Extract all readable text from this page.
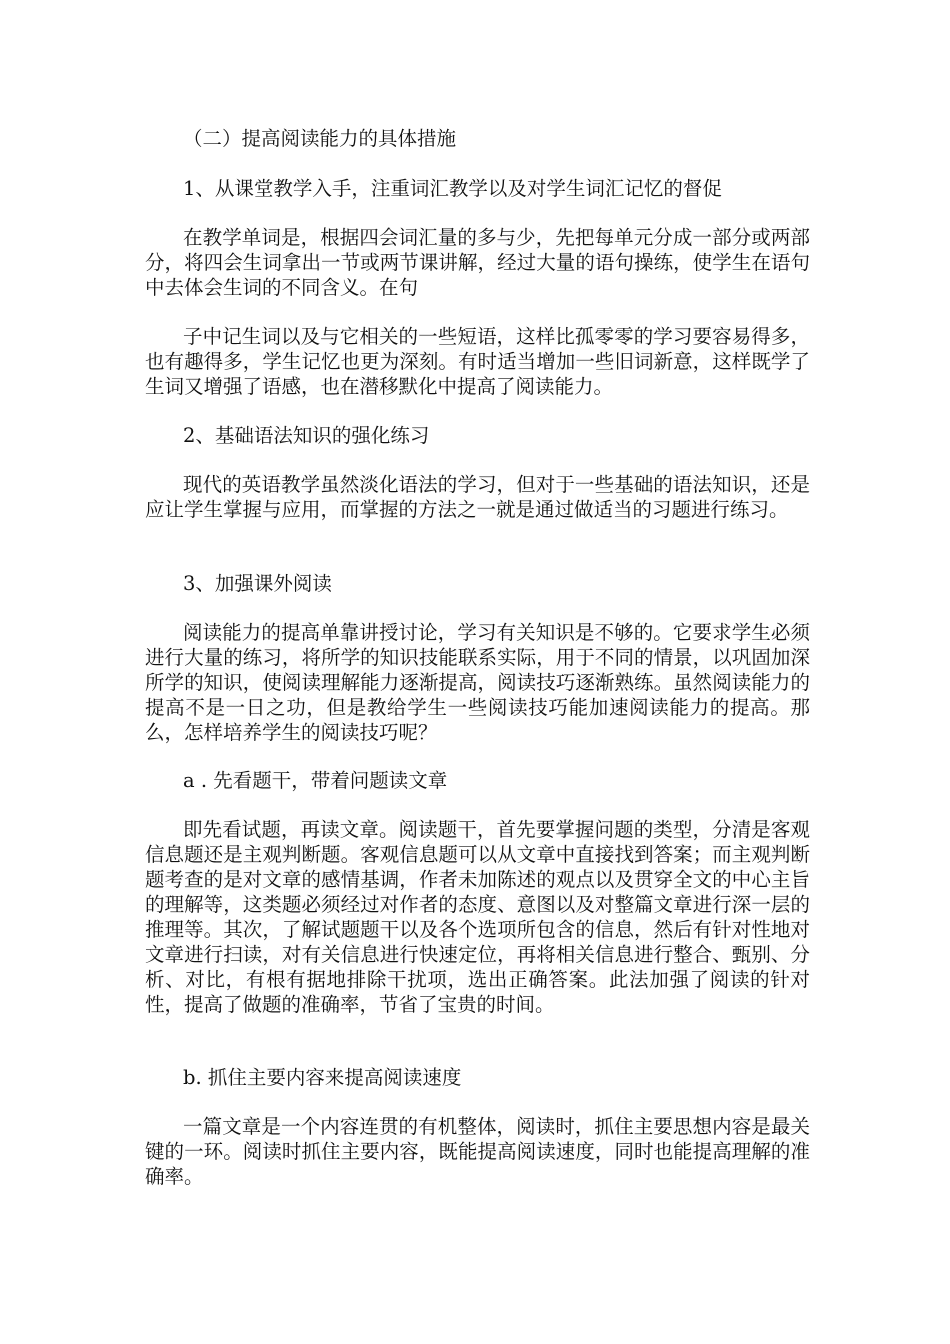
（二）提高阅读能力的具体措施

1、从课堂教学入手，注重词汇教学以及对学生词汇记忆的督促

在教学单词是，根据四会词汇量的多与少，先把每单元分成一部分或两部分，将四会生词拿出一节或两节课讲解，经过大量的语句操练，使学生在语句中去体会生词的不同含义。在句

子中记生词以及与它相关的一些短语，这样比孤零零的学习要容易得多，也有趣得多，学生记忆也更为深刻。有时适当增加一些旧词新意，这样既学了生词又增强了语感，也在潜移默化中提高了阅读能力。

2、基础语法知识的强化练习

现代的英语教学虽然淡化语法的学习，但对于一些基础的语法知识，还是应让学生掌握与应用，而掌握的方法之一就是通过做适当的习题进行练习。

3、加强课外阅读

阅读能力的提高单靠讲授讨论，学习有关知识是不够的。它要求学生必须进行大量的练习，将所学的知识技能联系实际，用于不同的情景，以巩固加深所学的知识，使阅读理解能力逐渐提高，阅读技巧逐渐熟练。虽然阅读能力的提高不是一日之功，但是教给学生一些阅读技巧能加速阅读能力的提高。那么，怎样培养学生的阅读技巧呢？

a . 先看题干，带着问题读文章

即先看试题，再读文章。阅读题干，首先要掌握问题的类型，分清是客观信息题还是主观判断题。客观信息题可以从文章中直接找到答案；而主观判断题考查的是对文章的感情基调，作者未加陈述的观点以及贯穿全文的中心主旨的理解等，这类题必须经过对作者的态度、意图以及对整篇文章进行深一层的推理等。其次，了解试题题干以及各个选项所包含的信息，然后有针对性地对文章进行扫读，对有关信息进行快速定位，再将相关信息进行整合、甄别、分析、对比，有根有据地排除干扰项，选出正确答案。此法加强了阅读的针对性，提高了做题的准确率，节省了宝贵的时间。

b. 抓住主要内容来提高阅读速度

一篇文章是一个内容连贯的有机整体，阅读时，抓住主要思想内容是最关键的一环。阅读时抓住主要内容，既能提高阅读速度，同时也能提高理解的准确率。
